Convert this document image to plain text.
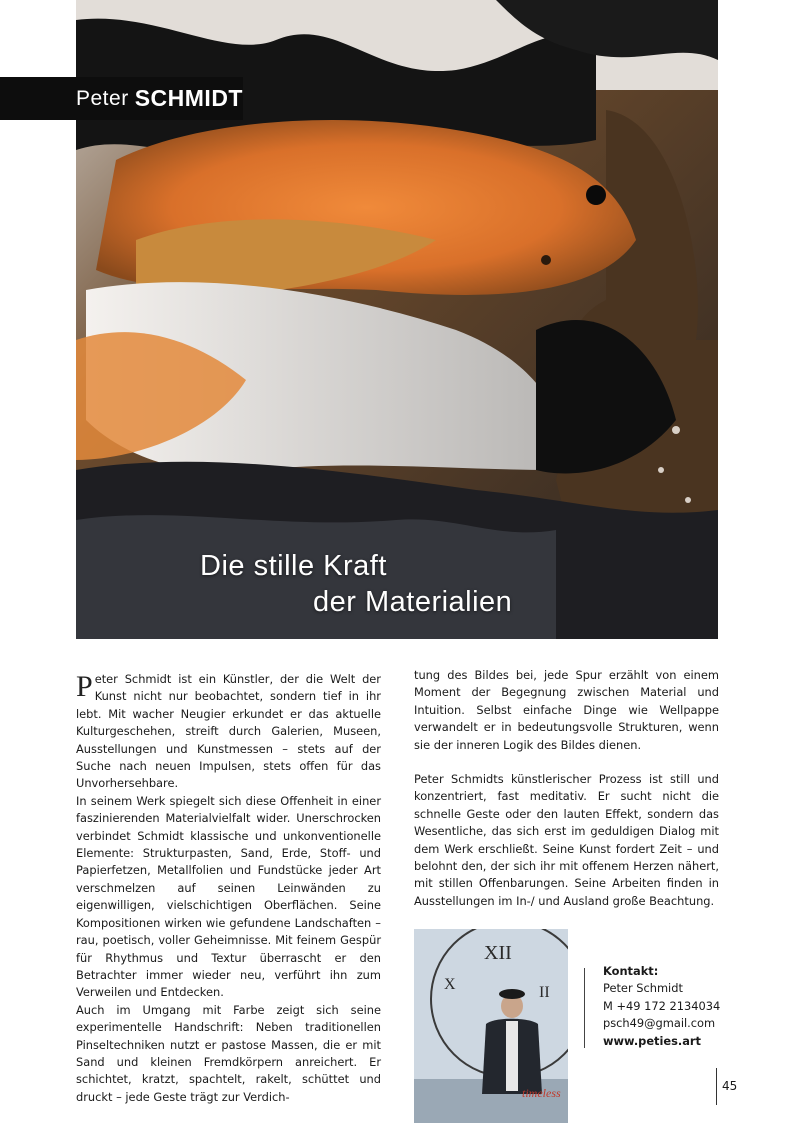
Peter SCHMIDT
Die stille Kraft
der Materialien

Peter Schmidt ist ein Künstler, der die Welt der Kunst nicht nur beobachtet, sondern tief in ihr lebt. Mit wacher Neugier erkundet er das aktuelle Kulturgeschehen, streift durch Galerien, Museen, Ausstellungen und Kunstmessen – stets auf der Suche nach neuen Impulsen, stets offen für das Unvorhersehbare.

In seinem Werk spiegelt sich diese Offenheit in einer faszinierenden Materialvielfalt wider. Unerschrocken verbindet Schmidt klassische und unkonventionelle Elemente: Strukturpasten, Sand, Erde, Stoff- und Papierfetzen, Metallfolien und Fundstücke jeder Art verschmelzen auf seinen Leinwänden zu eigenwilligen, vielschichtigen Oberflächen. Seine Kompositionen wirken wie gefundene Landschaften – rau, poetisch, voller Geheimnisse. Mit feinem Gespür für Rhythmus und Textur überrascht er den Betrachter immer wieder neu, verführt ihn zum Verweilen und Entdecken.

Auch im Umgang mit Farbe zeigt sich seine experimentelle Handschrift: Neben traditionellen Pinseltechniken nutzt er pastose Massen, die er mit Sand und kleinen Fremdkörpern anreichert. Er schichtet, kratzt, spachtelt, rakelt, schüttet und druckt – jede Geste trägt zur Verdich-

tung des Bildes bei, jede Spur erzählt von einem Moment der Begegnung zwischen Material und Intuition. Selbst einfache Dinge wie Wellpappe verwandelt er in bedeutungsvolle Strukturen, wenn sie der inneren Logik des Bildes dienen.

Peter Schmidts künstlerischer Prozess ist still und konzentriert, fast meditativ. Er sucht nicht die schnelle Geste oder den lauten Effekt, sondern das Wesentliche, das sich erst im geduldigen Dialog mit dem Werk erschließt. Seine Kunst fordert Zeit – und belohnt den, der sich ihr mit offenem Herzen nähert, mit stillen Offenbarungen. Seine Arbeiten finden in Ausstellungen im In-/ und Ausland große Beachtung.

XII
X	II
timeless
Kontakt:
Peter Schmidt
M +49 172 2134034
psch49@gmail.com
www.peties.art
45
